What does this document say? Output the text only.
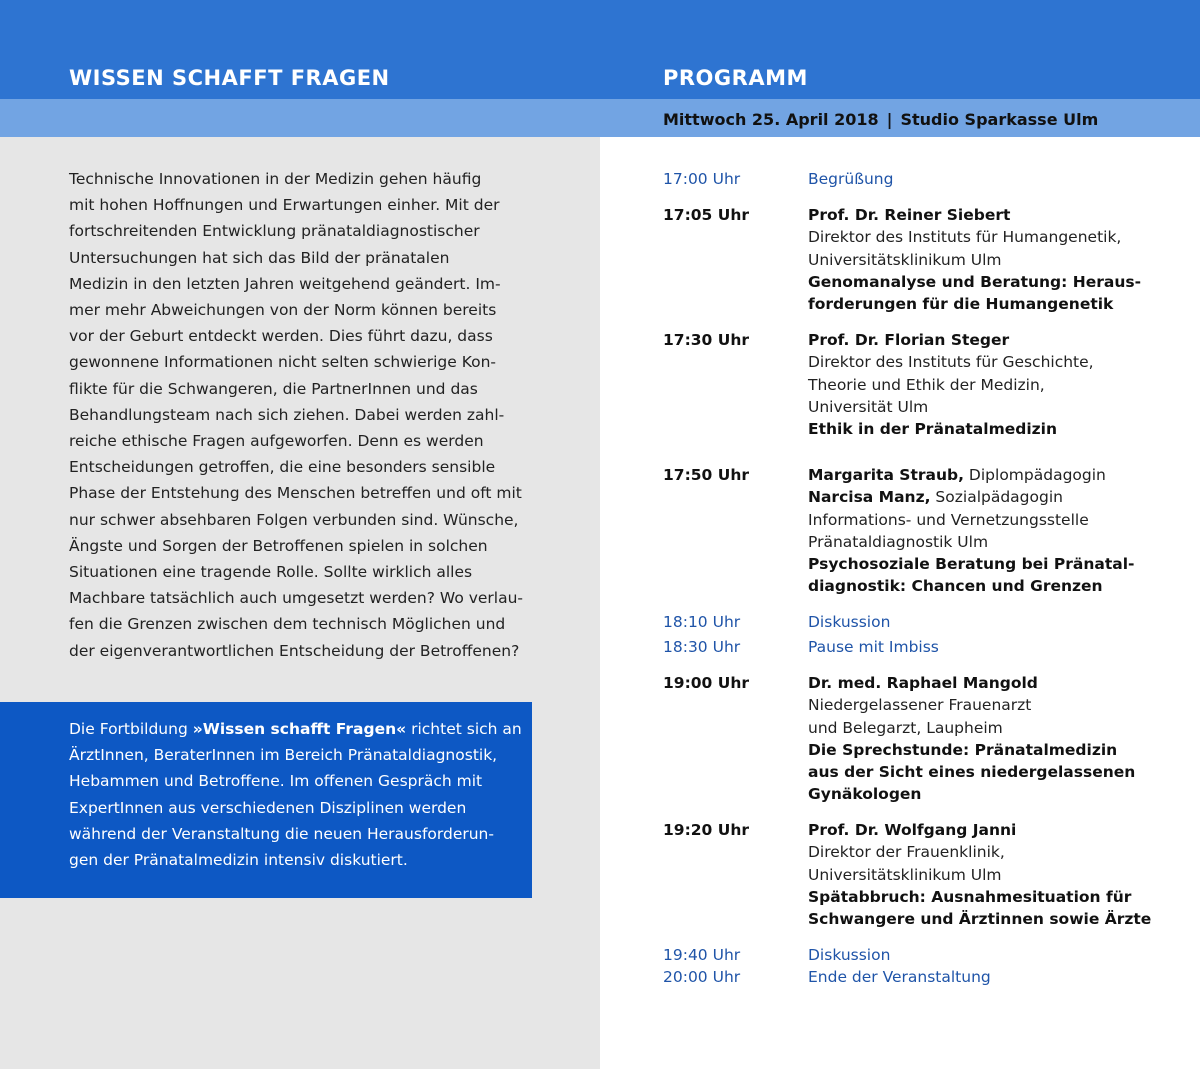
WISSEN SCHAFFT FRAGEN	PROGRAMM
Mittwoch 25. April 2018 | Studio Sparkasse Ulm
Technische Innovationen in der Medizin gehen häufig
mit hohen Hoffnungen und Erwartungen einher. Mit der
fortschreitenden Entwicklung pränataldiagnostischer
Untersuchungen hat sich das Bild der pränatalen
Medizin in den letzten Jahren weitgehend geändert. Im-
mer mehr Abweichungen von der Norm können bereits
vor der Geburt entdeckt werden. Dies führt dazu, dass
gewonnene Informationen nicht selten schwierige Kon-
flikte für die Schwangeren, die PartnerInnen und das
Behandlungsteam nach sich ziehen. Dabei werden zahl-
reiche ethische Fragen aufgeworfen. Denn es werden
Entscheidungen getroffen, die eine besonders sensible
Phase der Entstehung des Menschen betreffen und oft mit
nur schwer absehbaren Folgen verbunden sind. Wünsche,
Ängste und Sorgen der Betroffenen spielen in solchen
Situationen eine tragende Rolle. Sollte wirklich alles
Machbare tatsächlich auch umgesetzt werden? Wo verlau-
fen die Grenzen zwischen dem technisch Möglichen und
der eigenverantwortlichen Entscheidung der Betroffenen?
Die Fortbildung »Wissen schafft Fragen« richtet sich an
ÄrztInnen, BeraterInnen im Bereich Pränataldiagnostik,
Hebammen und Betroffene. Im offenen Gespräch mit
ExpertInnen aus verschiedenen Disziplinen werden
während der Veranstaltung die neuen Herausforderun-
gen der Pränatalmedizin intensiv diskutiert.
17:00 Uhr	Begrüßung
17:05 Uhr	Prof. Dr. Reiner Siebert
Direktor des Instituts für Humangenetik,
Universitätsklinikum Ulm
Genomanalyse und Beratung: Heraus-
forderungen für die Humangenetik
17:30 Uhr	Prof. Dr. Florian Steger
Direktor des Instituts für Geschichte,
Theorie und Ethik der Medizin,
Universität Ulm
Ethik in der Pränatalmedizin
17:50 Uhr	Margarita Straub, Diplompädagogin
Narcisa Manz, Sozialpädagogin
Informations- und Vernetzungsstelle
Pränataldiagnostik Ulm
Psychosoziale Beratung bei Pränatal-
diagnostik: Chancen und Grenzen
18:10 Uhr	Diskussion
18:30 Uhr	Pause mit Imbiss
19:00 Uhr	Dr. med. Raphael Mangold
Niedergelassener Frauenarzt
und Belegarzt, Laupheim
Die Sprechstunde: Pränatalmedizin
aus der Sicht eines niedergelassenen
Gynäkologen
19:20 Uhr	Prof. Dr. Wolfgang Janni
Direktor der Frauenklinik,
Universitätsklinikum Ulm
Spätabbruch: Ausnahmesituation für
Schwangere und Ärztinnen sowie Ärzte
19:40 Uhr	Diskussion
20:00 Uhr	Ende der Veranstaltung
